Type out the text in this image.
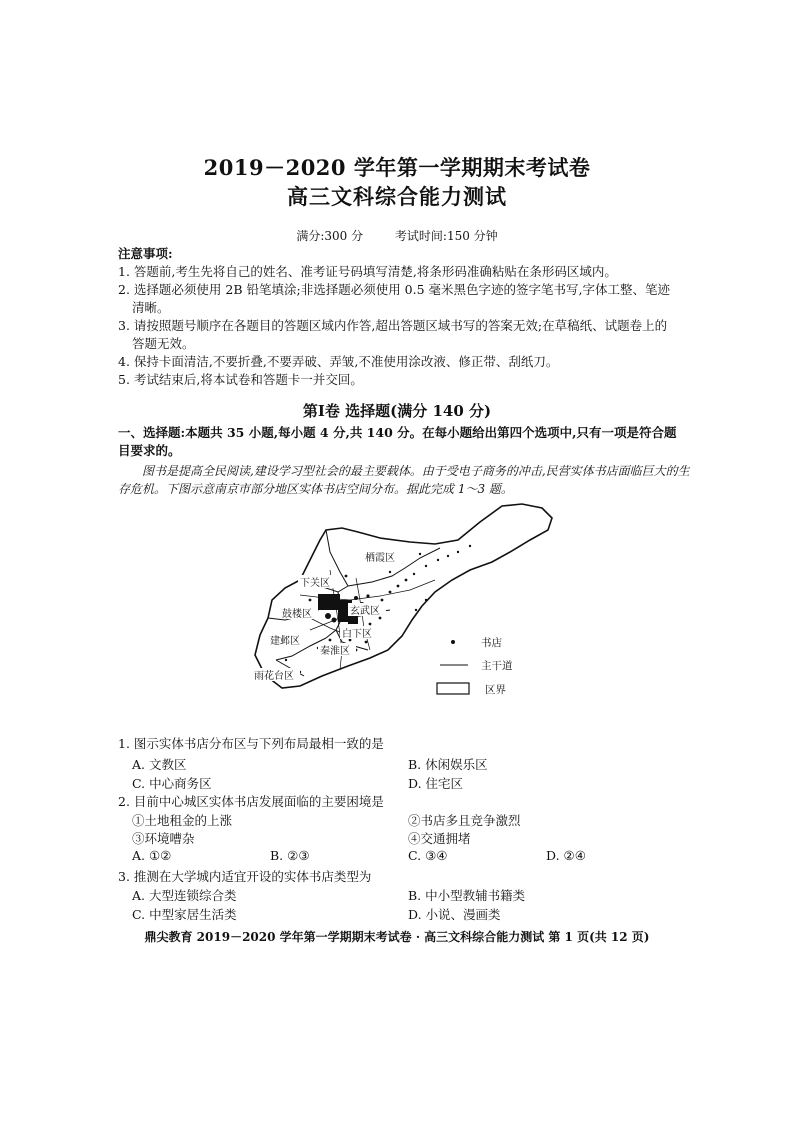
2019－2020 学年第一学期期末考试卷
高三文科综合能力测试
满分:300 分	考试时间:150 分钟
注意事项:
1. 答题前,考生先将自己的姓名、准考证号码填写清楚,将条形码准确粘贴在条形码区域内。
2. 选择题必须使用 2B 铅笔填涂;非选择题必须使用 0.5 毫米黑色字迹的签字笔书写,字体工整、笔迹
清晰。
3. 请按照题号顺序在各题目的答题区域内作答,超出答题区域书写的答案无效;在草稿纸、试题卷上的
答题无效。
4. 保持卡面清洁,不要折叠,不要弄破、弄皱,不准使用涂改液、修正带、刮纸刀。
5. 考试结束后,将本试卷和答题卡一并交回。
第Ⅰ卷 选择题(满分 140 分)
一、选择题:本题共 35 小题,每小题 4 分,共 140 分。在每小题给出第四个选项中,只有一项是符合题目要求的。
图书是提高全民阅读,建设学习型社会的最主要载体。由于受电子商务的冲击,民营实体书店面临巨大的生存危机。下图示意南京市部分地区实体书店空间分布。据此完成 1～3 题。
栖霞区
下关区
玄武区
鼓楼区
白下区
建邺区
秦淮区
雨花台区
书店
主干道
区界
1. 图示实体书店分布区与下列布局最相一致的是
A. 文教区	B. 休闲娱乐区
C. 中心商务区	D. 住宅区
2. 目前中心城区实体书店发展面临的主要困境是
①土地租金的上涨	②书店多且竞争激烈
③环境嘈杂	④交通拥堵
A. ①②	B. ②③	C. ③④	D. ②④
3. 推测在大学城内适宜开设的实体书店类型为
A. 大型连锁综合类	B. 中小型教辅书籍类
C. 中型家居生活类	D. 小说、漫画类
鼎尖教育 2019－2020 学年第一学期期末考试卷 · 高三文科综合能力测试 第 1 页(共 12 页)
